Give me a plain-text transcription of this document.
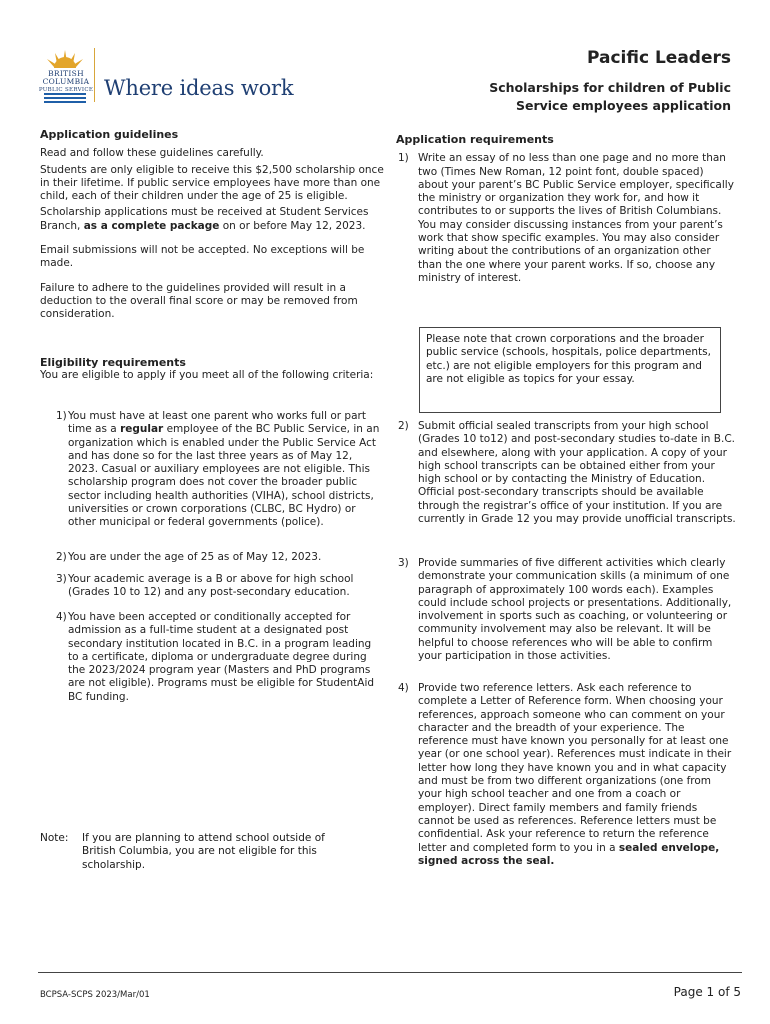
BRITISH
COLUMBIA
PUBLIC SERVICE Where ideas work
Pacific Leaders
Scholarships for children of Public
Service employees application

Application guidelines

Read and follow these guidelines carefully.

Students are only eligible to receive this $2,500 scholarship once in their lifetime. If public service employees have more than one child, each of their children under the age of 25 is eligible.

Scholarship applications must be received at Student Services Branch, as a complete package on or before May 12, 2023.

Email submissions will not be accepted. No exceptions will be made.

Failure to adhere to the guidelines provided will result in a deduction to the overall final score or may be removed from consideration.

Eligibility requirements

You are eligible to apply if you meet all of the following criteria:

1) You must have at least one parent who works full or part time as a regular employee of the BC Public Service, in an organization which is enabled under the Public Service Act and has done so for the last three years as of May 12, 2023. Casual or auxiliary employees are not eligible. This scholarship program does not cover the broader public sector including health authorities (VIHA), school districts, universities or crown corporations (CLBC, BC Hydro) or other municipal or federal governments (police).
2) You are under the age of 25 as of May 12, 2023.
3) Your academic average is a B or above for high school (Grades 10 to 12) and any post-secondary education.
4) You have been accepted or conditionally accepted for admission as a full-time student at a designated post secondary institution located in B.C. in a program leading to a certificate, diploma or undergraduate degree during the 2023/2024 program year (Masters and PhD programs are not eligible). Programs must be eligible for StudentAid BC funding.
Note: If you are planning to attend school outside of British Columbia, you are not eligible for this scholarship.

Application requirements

1) Write an essay of no less than one page and no more than two (Times New Roman, 12 point font, double spaced) about your parent’s BC Public Service employer, specifically the ministry or organization they work for, and how it contributes to or supports the lives of British Columbians. You may consider discussing instances from your parent’s work that show specific examples. You may also consider writing about the contributions of an organization other than the one where your parent works. If so, choose any ministry of interest.
Please note that crown corporations and the broader public service (schools, hospitals, police departments, etc.) are not eligible employers for this program and are not eligible as topics for your essay.
2) Submit official sealed transcripts from your high school (Grades 10 to12) and post-secondary studies to-date in B.C. and elsewhere, along with your application. A copy of your high school transcripts can be obtained either from your high school or by contacting the Ministry of Education. Official post-secondary transcripts should be available through the registrar’s office of your institution. If you are currently in Grade 12 you may provide unofficial transcripts.
3) Provide summaries of five different activities which clearly demonstrate your communication skills (a minimum of one paragraph of approximately 100 words each). Examples could include school projects or presentations. Additionally, involvement in sports such as coaching, or volunteering or community involvement may also be relevant. It will be helpful to choose references who will be able to confirm your participation in those activities.
4) Provide two reference letters. Ask each reference to complete a Letter of Reference form. When choosing your references, approach someone who can comment on your character and the breadth of your experience. The reference must have known you personally for at least one year (or one school year). References must indicate in their letter how long they have known you and in what capacity and must be from two different organizations (one from your high school teacher and one from a coach or employer). Direct family members and family friends cannot be used as references. Reference letters must be confidential. Ask your reference to return the reference letter and completed form to you in a sealed envelope, signed across the seal.
BCPSA-SCPS 2023/Mar/01	Page 1 of 5
